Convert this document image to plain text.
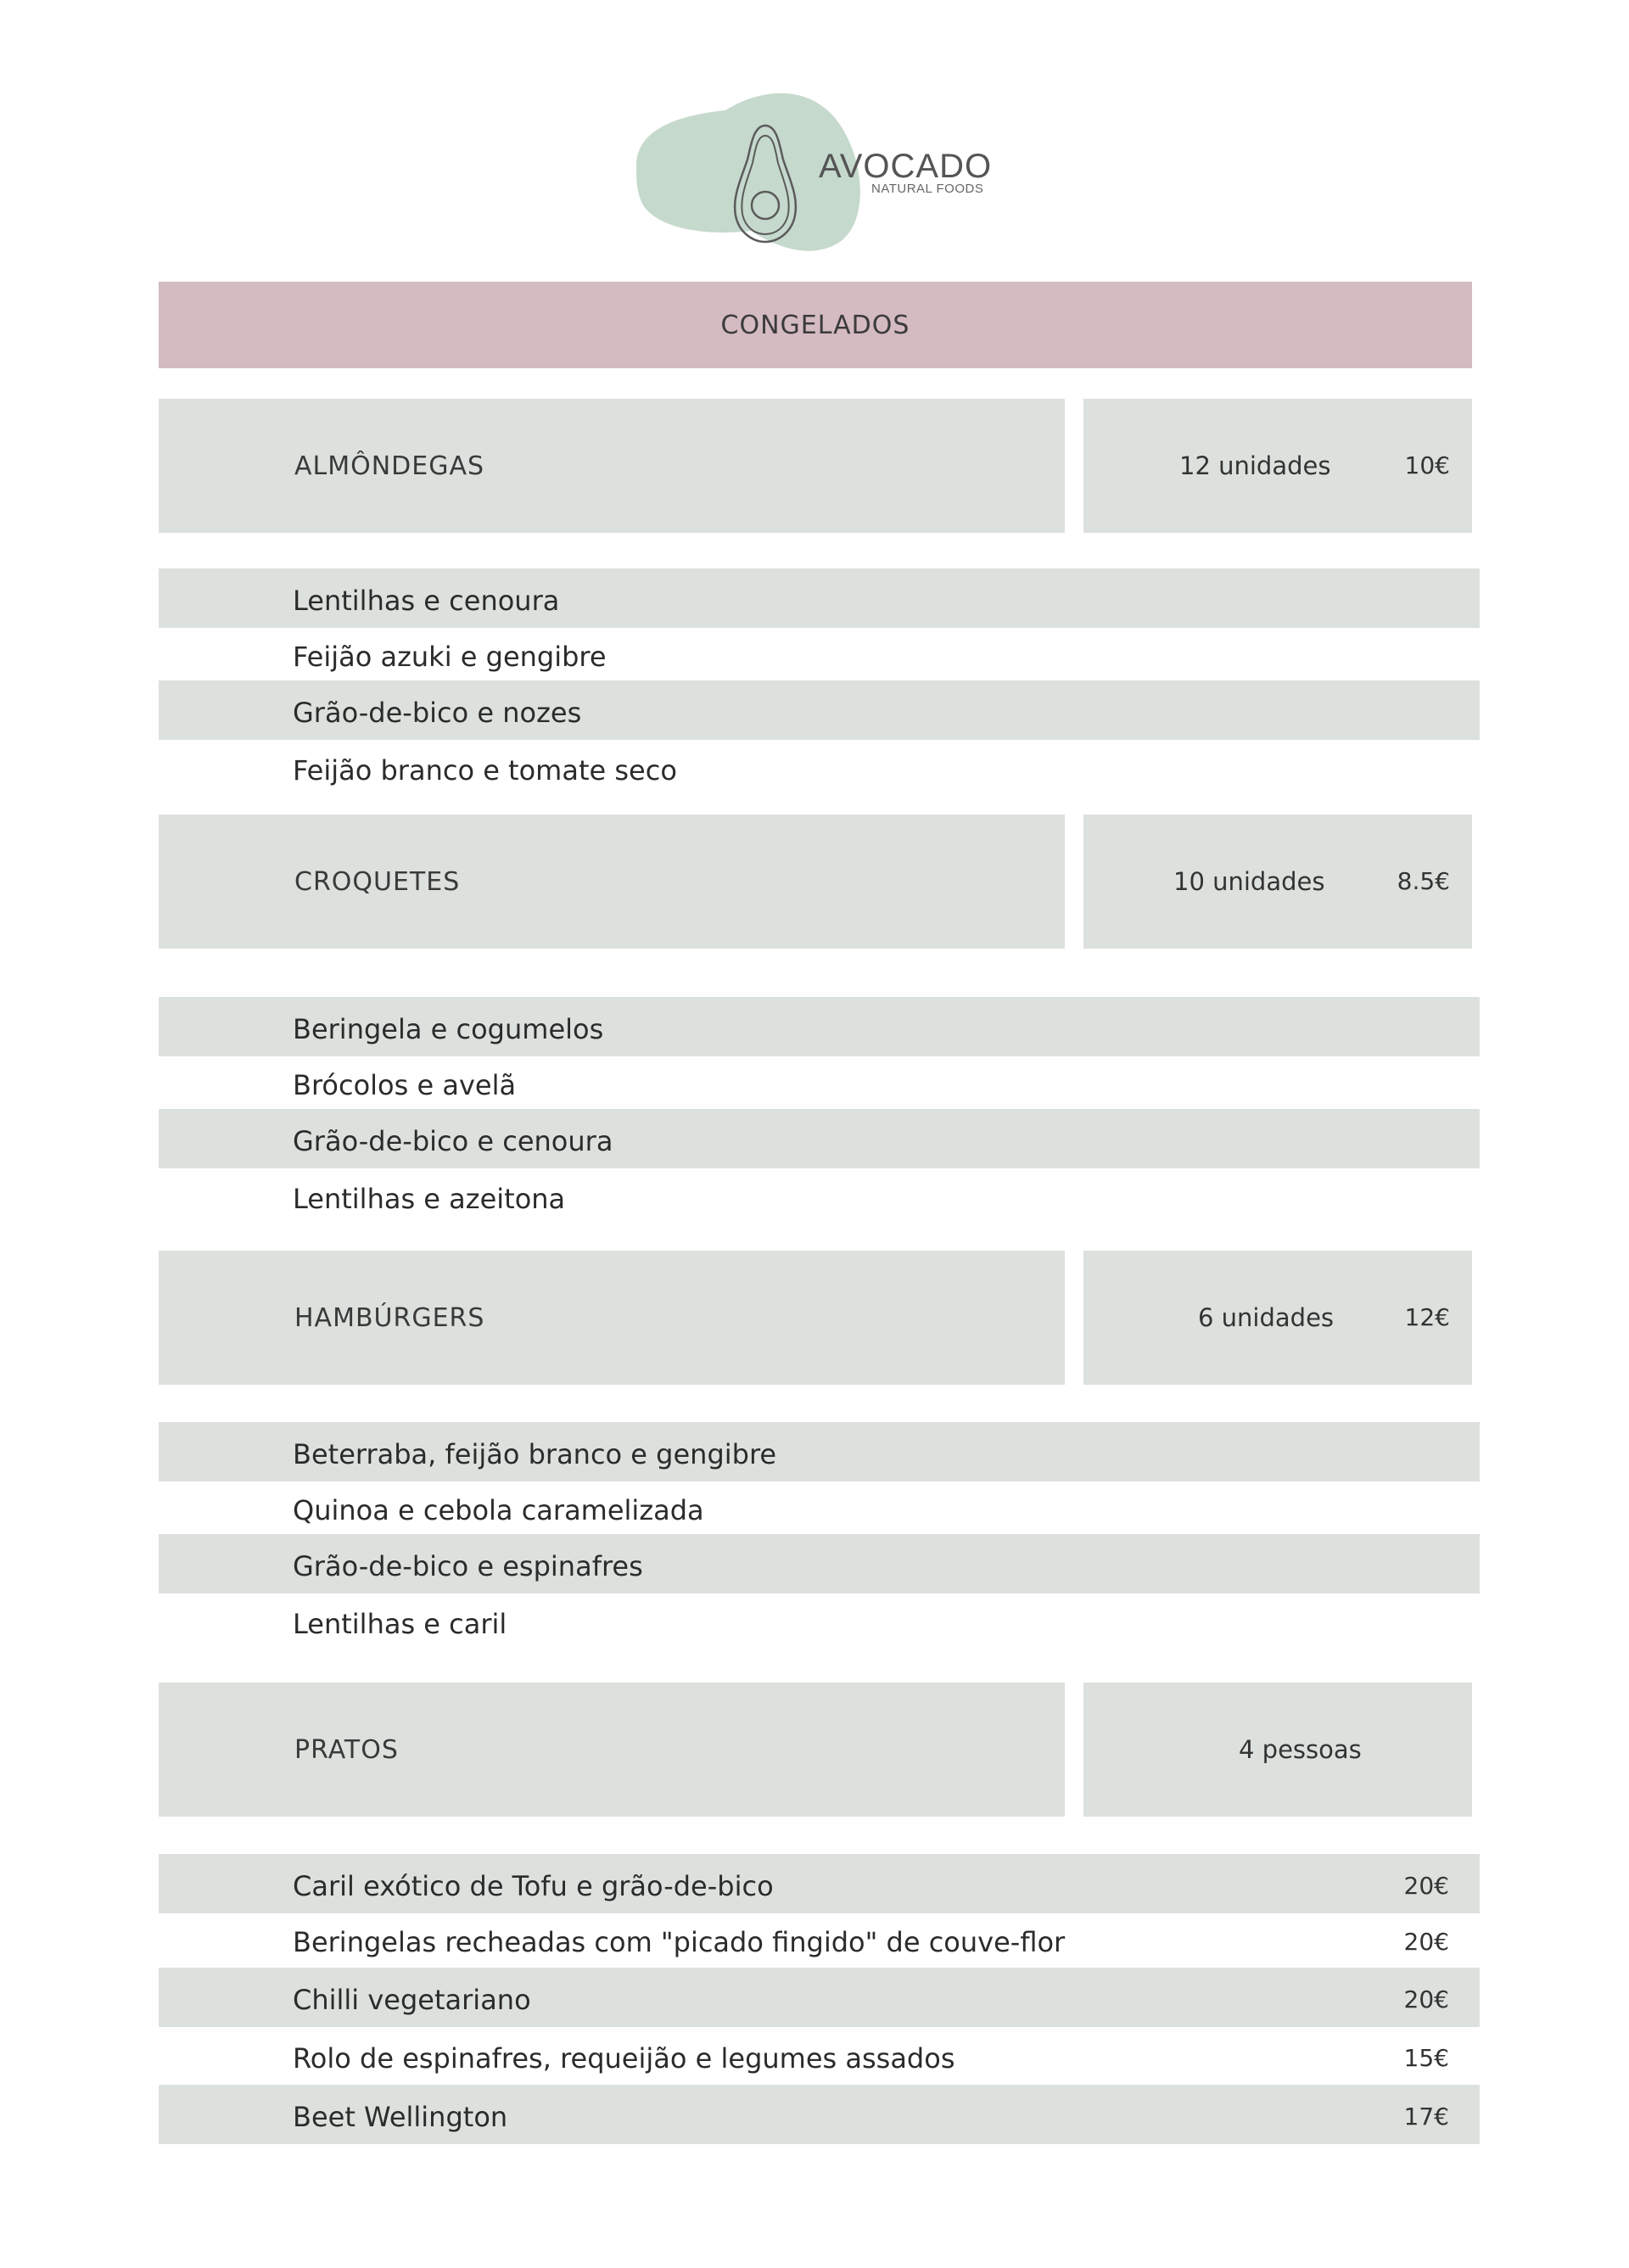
AVOCADO
NATURAL FOODS
CONGELADOS
ALMÔNDEGAS	12 unidades	10€
Lentilhas e cenoura
Feijão azuki e gengibre
Grão-de-bico e nozes
Feijão branco e tomate seco
CROQUETES	10 unidades	8.5€
Beringela e cogumelos
Brócolos e avelã
Grão-de-bico e cenoura
Lentilhas e azeitona
HAMBÚRGERS	6 unidades	12€
Beterraba, feijão branco e gengibre
Quinoa e cebola caramelizada
Grão-de-bico e espinafres
Lentilhas e caril
PRATOS	4 pessoas
Caril exótico de Tofu e grão-de-bico	20€
Beringelas recheadas com "picado fingido" de couve-flor	20€
Chilli vegetariano	20€
Rolo de espinafres, requeijão e legumes assados	15€
Beet Wellington	17€
